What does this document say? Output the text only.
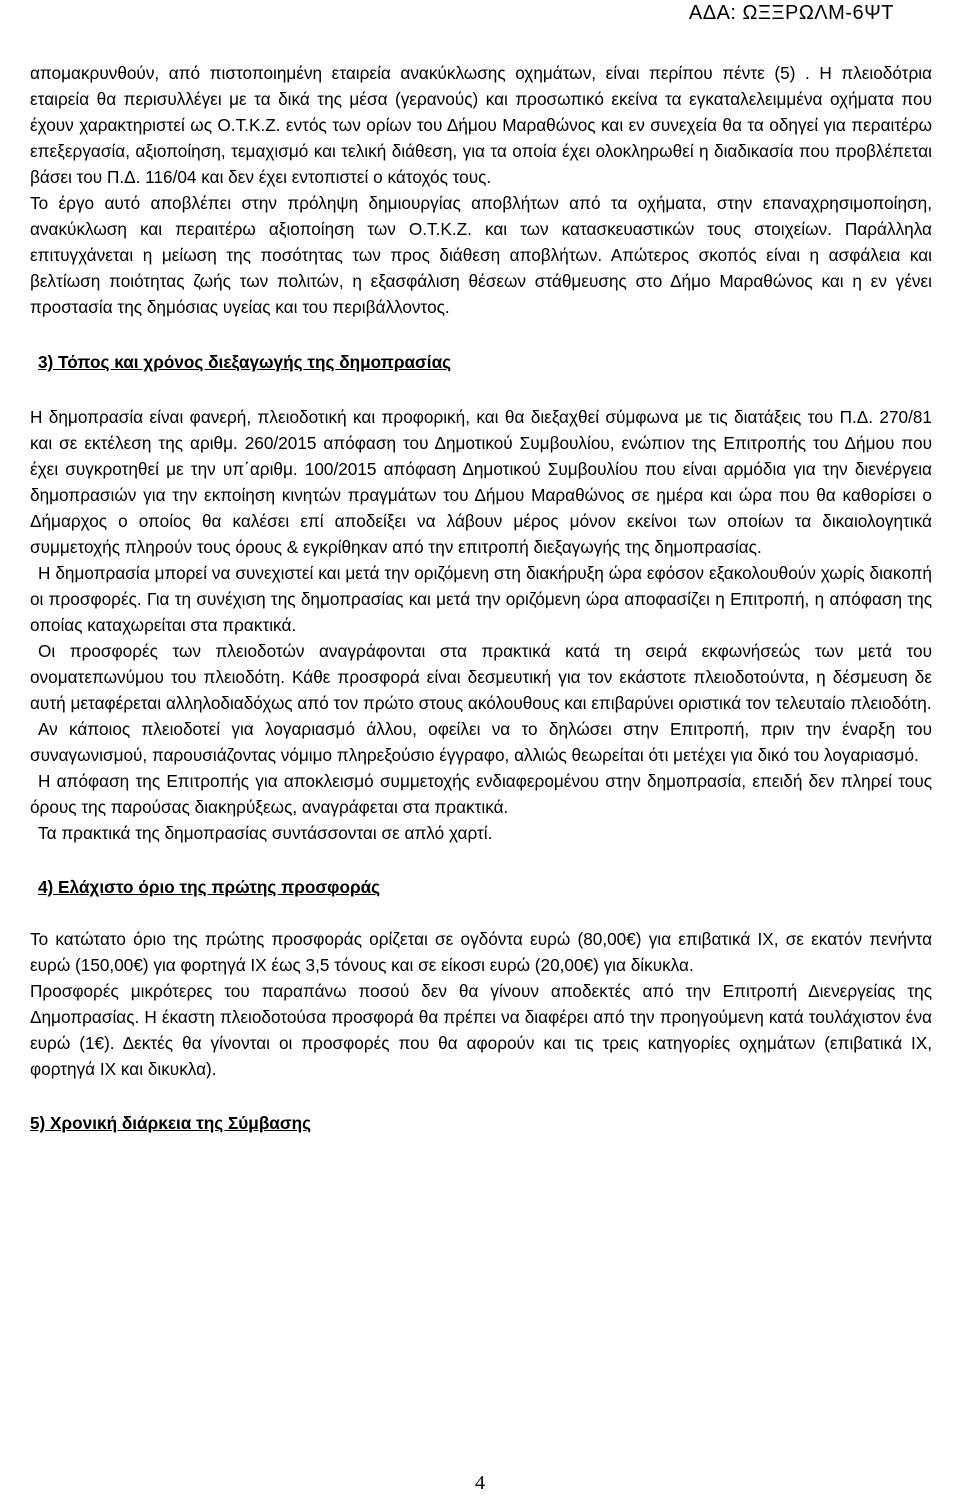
ΑΔΑ: ΩΞΞΡΩΛΜ-6ΨΤ

απομακρυνθούν, από πιστοποιημένη εταιρεία ανακύκλωσης οχημάτων, είναι περίπου πέντε (5) . Η πλειοδότρια εταιρεία θα περισυλλέγει με τα δικά της μέσα (γερανούς) και προσωπικό εκείνα τα εγκαταλελειμμένα οχήματα που έχουν χαρακτηριστεί ως Ο.Τ.Κ.Ζ. εντός των ορίων του Δήμου Μαραθώνος και εν συνεχεία θα τα οδηγεί για περαιτέρω επεξεργασία, αξιοποίηση, τεμαχισμό και τελική διάθεση, για τα οποία έχει ολοκληρωθεί η διαδικασία που προβλέπεται βάσει του Π.Δ. 116/04 και δεν έχει εντοπιστεί ο κάτοχός τους.

Το έργο αυτό αποβλέπει στην πρόληψη δημιουργίας αποβλήτων από τα οχήματα, στην επαναχρησιμοποίηση, ανακύκλωση και περαιτέρω αξιοποίηση των Ο.Τ.Κ.Ζ. και των κατασκευαστικών τους στοιχείων. Παράλληλα επιτυγχάνεται η μείωση της ποσότητας των προς διάθεση αποβλήτων. Απώτερος σκοπός είναι η ασφάλεια και βελτίωση ποιότητας ζωής των πολιτών, η εξασφάλιση θέσεων στάθμευσης στο Δήμο Μαραθώνος και η εν γένει προστασία της δημόσιας υγείας και του περιβάλλοντος.

3) Τόπος και χρόνος διεξαγωγής της δημοπρασίας

Η δημοπρασία είναι φανερή, πλειοδοτική και προφορική, και θα διεξαχθεί σύμφωνα με τις διατάξεις του Π.Δ. 270/81 και σε εκτέλεση της αριθμ. 260/2015 απόφαση του Δημοτικού Συμβουλίου, ενώπιον της Επιτροπής του Δήμου που έχει συγκροτηθεί με την υπ΄αριθμ. 100/2015 απόφαση Δημοτικού Συμβουλίου που είναι αρμόδια για την διενέργεια δημοπρασιών για την εκποίηση κινητών πραγμάτων του Δήμου Μαραθώνος σε ημέρα και ώρα που θα καθορίσει ο Δήμαρχος ο οποίος θα καλέσει επί αποδείξει να λάβουν μέρος μόνον εκείνοι των οποίων τα δικαιολογητικά συμμετοχής πληρούν τους όρους & εγκρίθηκαν από την επιτροπή διεξαγωγής της δημοπρασίας.

Η δημοπρασία μπορεί να συνεχιστεί και μετά την οριζόμενη στη διακήρυξη ώρα εφόσον εξακολουθούν χωρίς διακοπή οι προσφορές. Για τη συνέχιση της δημοπρασίας και μετά την οριζόμενη ώρα αποφασίζει η Επιτροπή, η απόφαση της οποίας καταχωρείται στα πρακτικά.

Οι προσφορές των πλειοδοτών αναγράφονται στα πρακτικά κατά τη σειρά εκφωνήσεώς των μετά του ονοματεπωνύμου του πλειοδότη. Κάθε προσφορά είναι δεσμευτική για τον εκάστοτε πλειοδοτούντα, η δέσμευση δε αυτή μεταφέρεται αλληλοδιαδόχως από τον πρώτο στους ακόλουθους και επιβαρύνει οριστικά τον τελευταίο πλειοδότη.

Αν κάποιος πλειοδοτεί για λογαριασμό άλλου, οφείλει να το δηλώσει στην Επιτροπή, πριν την έναρξη του συναγωνισμού, παρουσιάζοντας νόμιμο πληρεξούσιο έγγραφο, αλλιώς θεωρείται ότι μετέχει για δικό του λογαριασμό.

Η απόφαση της Επιτροπής για αποκλεισμό συμμετοχής ενδιαφερομένου στην δημοπρασία, επειδή δεν πληρεί τους όρους της παρούσας διακηρύξεως, αναγράφεται στα πρακτικά.

Τα πρακτικά της δημοπρασίας συντάσσονται σε απλό χαρτί.

4) Ελάχιστο όριο της πρώτης προσφοράς

Το κατώτατο όριο της πρώτης προσφοράς ορίζεται σε ογδόντα ευρώ (80,00€) για επιβατικά ΙΧ, σε εκατόν πενήντα ευρώ (150,00€) για φορτηγά ΙΧ έως 3,5 τόνους και σε είκοσι ευρώ (20,00€) για δίκυκλα.

Προσφορές μικρότερες του παραπάνω ποσού δεν θα γίνουν αποδεκτές από την Επιτροπή Διενεργείας της Δημοπρασίας. Η έκαστη πλειοδοτούσα προσφορά θα πρέπει να διαφέρει από την προηγούμενη κατά τουλάχιστον ένα ευρώ (1€). Δεκτές θα γίνονται οι προσφορές που θα αφορούν και τις τρεις κατηγορίες οχημάτων (επιβατικά ΙΧ, φορτηγά ΙΧ και δικυκλα).

5) Χρονική διάρκεια της Σύμβασης
4
